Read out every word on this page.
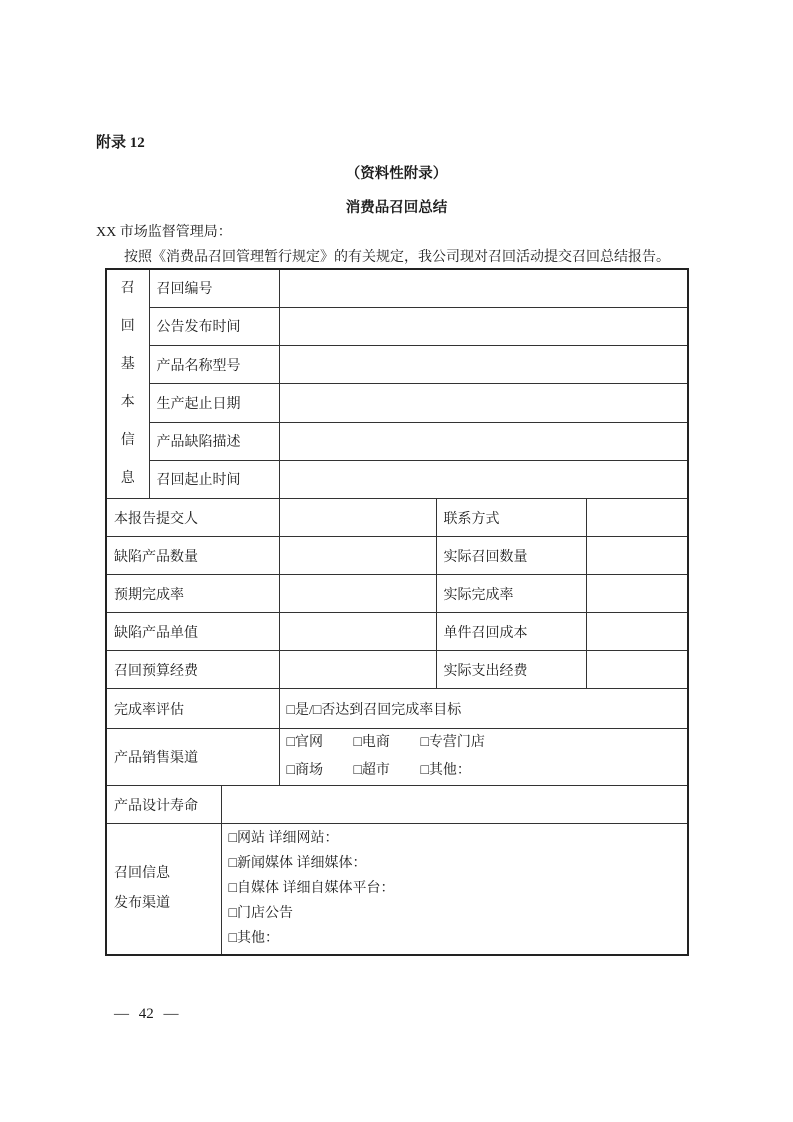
附录 12
（资料性附录）
消费品召回总结
XX 市场监督管理局：
按照《消费品召回管理暂行规定》的有关规定，我公司现对召回活动提交召回总结报告。
召回
基本
信息	召回编号				
	公告发布时间				
	产品名称型号				
	生产起止日期				
	产品缺陷描述				
	召回起止时间				
本报告提交人				联系方式	
缺陷产品数量				实际召回数量	
预期完成率				实际完成率	
缺陷产品单值				单件召回成本	
召回预算经费				实际支出经费	
完成率评估			□是/□否达到召回完成率目标		
产品销售渠道			□官网 □电商 □专营门店
□商场 □超市 □其他：		

产品设计寿命					

召回信息
发布渠道

□网站 详细网站：
□新闻媒体 详细媒体：
□自媒体 详细自媒体平台：
□门店公告
□其他：
— 42 —
